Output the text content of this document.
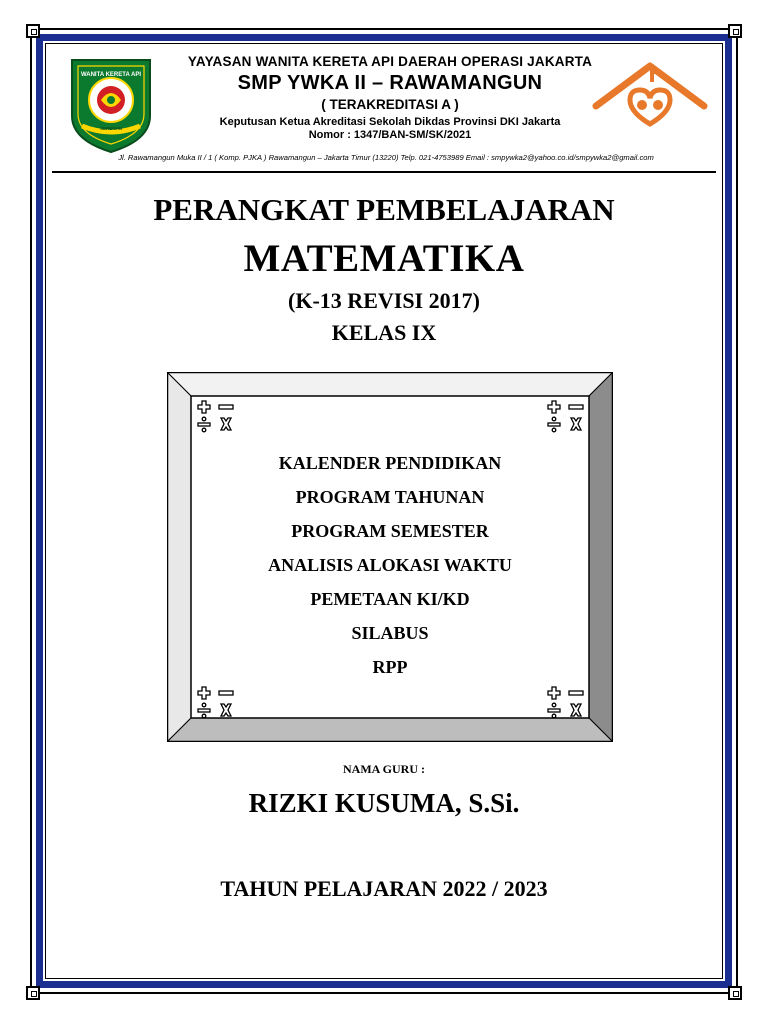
WANITA KERETA API
SERENAN
YAYASAN WANITA KERETA API DAERAH OPERASI JAKARTA
SMP YWKA II – RAWAMANGUN
( TERAKREDITASI A )
Keputusan Ketua Akreditasi Sekolah Dikdas Provinsi DKI Jakarta
Nomor : 1347/BAN-SM/SK/2021
Jl. Rawamangun Muka II / 1 ( Komp. PJKA ) Rawamangun – Jakarta Timur (13220) Telp. 021-4753989 Email : smpywka2@yahoo.co.id/smpywka2@gmail.com
PERANGKAT PEMBELAJARAN
MATEMATIKA
(K-13 REVISI 2017)
KELAS IX
KALENDER PENDIDIKAN
PROGRAM TAHUNAN
PROGRAM SEMESTER
ANALISIS ALOKASI WAKTU
PEMETAAN KI/KD
SILABUS
RPP
NAMA GURU :
RIZKI KUSUMA, S.Si.
TAHUN PELAJARAN 2022 / 2023
